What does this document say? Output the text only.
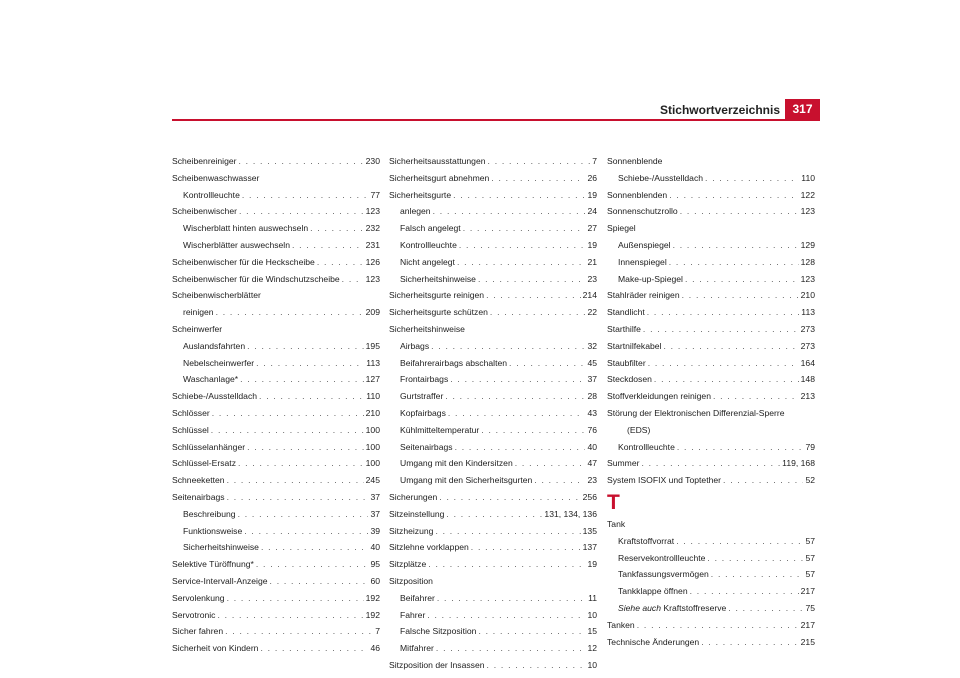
Stichwortverzeichnis	317
Scheibenreiniger . . .	230
Scheibenwaschwasser
Kontrollleuchte . . .	77
Scheibenwischer . . .	123
Wischerblatt hinten auswechseln . . .	232
Wischerblätter auswechseln . . .	231
Scheibenwischer für die Heckscheibe . . .	126
Scheibenwischer für die Windschutzscheibe . . .	123
Scheibenwischerblätter
reinigen . . .	209
Scheinwerfer
Auslandsfahrten . . .	195
Nebelscheinwerfer . . .	113
Waschanlage* . . .	127
Schiebe-/Ausstelldach . . .	110
Schlösser . . .	210
Schlüssel . . .	100
Schlüsselanhänger . . .	100
Schlüssel-Ersatz . . .	100
Schneeketten . . .	245
Seitenairbags . . .	37
Beschreibung . . .	37
Funktionsweise . . .	39
Sicherheitshinweise . . .	40
Selektive Türöffnung* . . .	95
Service-Intervall-Anzeige . . .	60
Servolenkung . . .	192
Servotronic . . .	192
Sicher fahren . . .	7
Sicherheit von Kindern . . .	46
Sicherheitsausstattungen . . .	7
Sicherheitsgurt abnehmen . . .	26
Sicherheitsgurte . . .	19
anlegen . . .	24
Falsch angelegt . . .	27
Kontrollleuchte . . .	19
Nicht angelegt . . .	21
Sicherheitshinweise . . .	23
Sicherheitsgurte reinigen . . .	214
Sicherheitsgurte schützen . . .	22
Sicherheitshinweise
Airbags . . .	32
Beifahrerairbags abschalten . . .	45
Frontairbags . . .	37
Gurtstraffer . . .	28
Kopfairbags . . .	43
Kühlmitteltemperatur . . .	76
Seitenairbags . . .	40
Umgang mit den Kindersitzen . . .	47
Umgang mit den Sicherheitsgurten . . .	23
Sicherungen . . .	256
Sitzeinstellung . . .	131, 134, 136
Sitzheizung . . .	135
Sitzlehne vorklappen . . .	137
Sitzplätze . . .	19
Sitzposition
Beifahrer . . .	11
Fahrer . . .	10
Falsche Sitzposition . . .	15
Mitfahrer . . .	12
Sitzposition der Insassen . . .	10
Sonnenblende
Schiebe-/Ausstelldach . . .	110
Sonnenblenden . . .	122
Sonnenschutzrollo . . .	123
Spiegel
Außenspiegel . . .	129
Innenspiegel . . .	128
Make-up-Spiegel . . .	123
Stahlräder reinigen . . .	210
Standlicht . . .	113
Starthilfe . . .	273
Startnilfekabel . . .	273
Staubfilter . . .	164
Steckdosen . . .	148
Stoffverkleidungen reinigen . . .	213
Störung der Elektronischen Differenzial-Sperre
(EDS)
Kontrollleuchte . . .	79
Summer . . .	119, 168
System ISOFIX und Toptether . . .	52
T
Tank
Kraftstoffvorrat . . .	57
Reservekontrollleuchte . . .	57
Tankfassungsvermögen . . .	57
Tankklappe öffnen . . .	217
Siehe auch Kraftstoffreserve . . .	75
Tanken . . .	217
Technische Änderungen . . .	215
